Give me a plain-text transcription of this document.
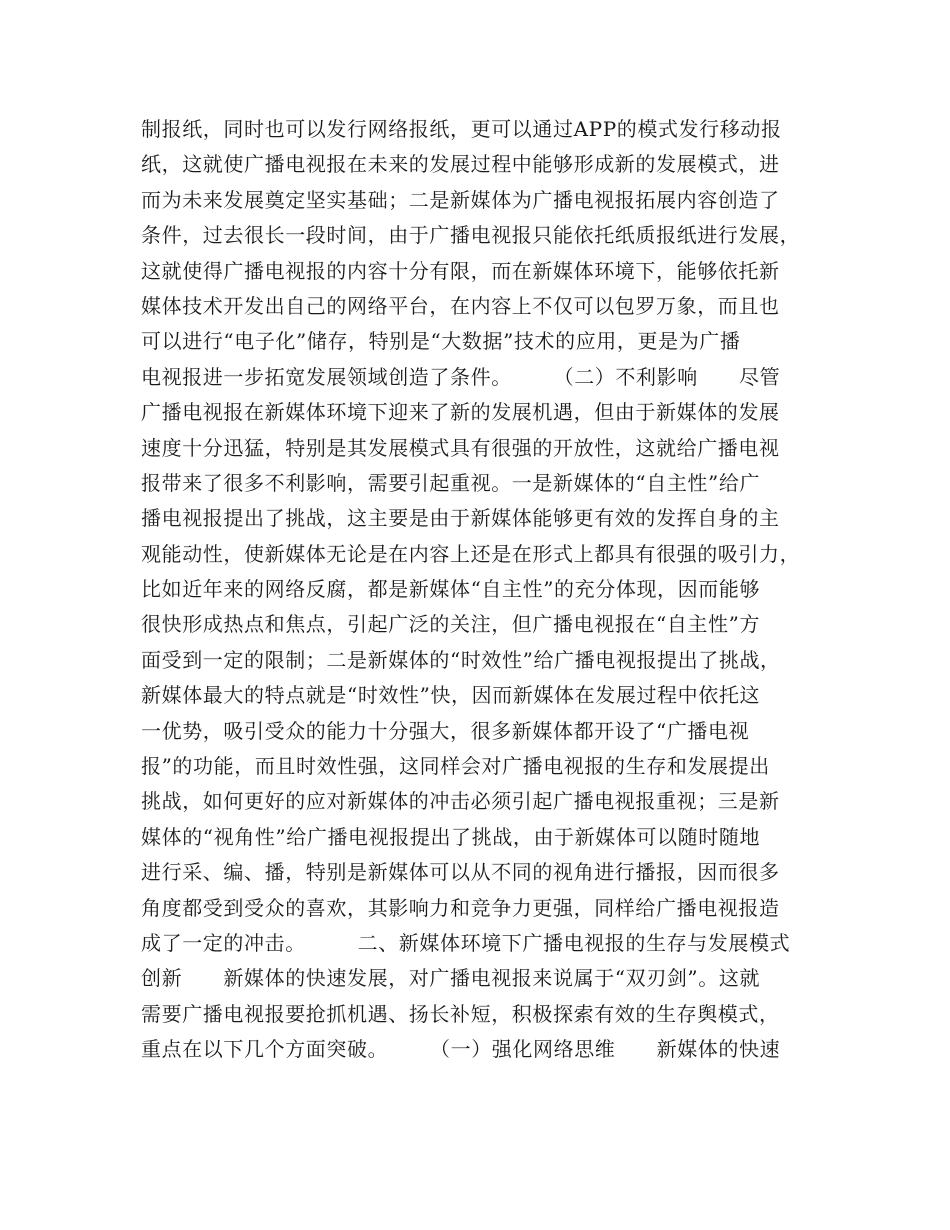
制报纸，同时也可以发行网络报纸，更可以通过APP的模式发行移动报
纸，这就使广播电视报在未来的发展过程中能够形成新的发展模式，进
而为未来发展奠定坚实基础；二是新媒体为广播电视报拓展内容创造了
条件，过去很长一段时间，由于广播电视报只能依托纸质报纸进行发展，
这就使得广播电视报的内容十分有限，而在新媒体环境下，能够依托新
媒体技术开发出自己的网络平台，在内容上不仅可以包罗万象，而且也
可以进行“电子化”储存，特别是“大数据”技术的应用，更是为广播
电视报进一步拓宽发展领域创造了条件。　　　（二）不利影响　　尽管
广播电视报在新媒体环境下迎来了新的发展机遇，但由于新媒体的发展
速度十分迅猛，特别是其发展模式具有很强的开放性，这就给广播电视
报带来了很多不利影响，需要引起重视。一是新媒体的“自主性”给广
播电视报提出了挑战，这主要是由于新媒体能够更有效的发挥自身的主
观能动性，使新媒体无论是在内容上还是在形式上都具有很强的吸引力，
比如近年来的网络反腐，都是新媒体“自主性”的充分体现，因而能够
很快形成热点和焦点，引起广泛的关注，但广播电视报在“自主性”方
面受到一定的限制；二是新媒体的“时效性”给广播电视报提出了挑战，
新媒体最大的特点就是“时效性”快，因而新媒体在发展过程中依托这
一优势，吸引受众的能力十分强大，很多新媒体都开设了“广播电视
报”的功能，而且时效性强，这同样会对广播电视报的生存和发展提出
挑战，如何更好的应对新媒体的冲击必须引起广播电视报重视；三是新
媒体的“视角性”给广播电视报提出了挑战，由于新媒体可以随时随地
进行采、编、播，特别是新媒体可以从不同的视角进行播报，因而很多
角度都受到受众的喜欢，其影响力和竞争力更强，同样给广播电视报造
成了一定的冲击。　　　二、新媒体环境下广播电视报的生存与发展模式
创新　　新媒体的快速发展，对广播电视报来说属于“双刃剑”。这就
需要广播电视报要抢抓机遇、扬长补短，积极探索有效的生存舆模式，
重点在以下几个方面突破。　　　（一）强化网络思维　　新媒体的快速
